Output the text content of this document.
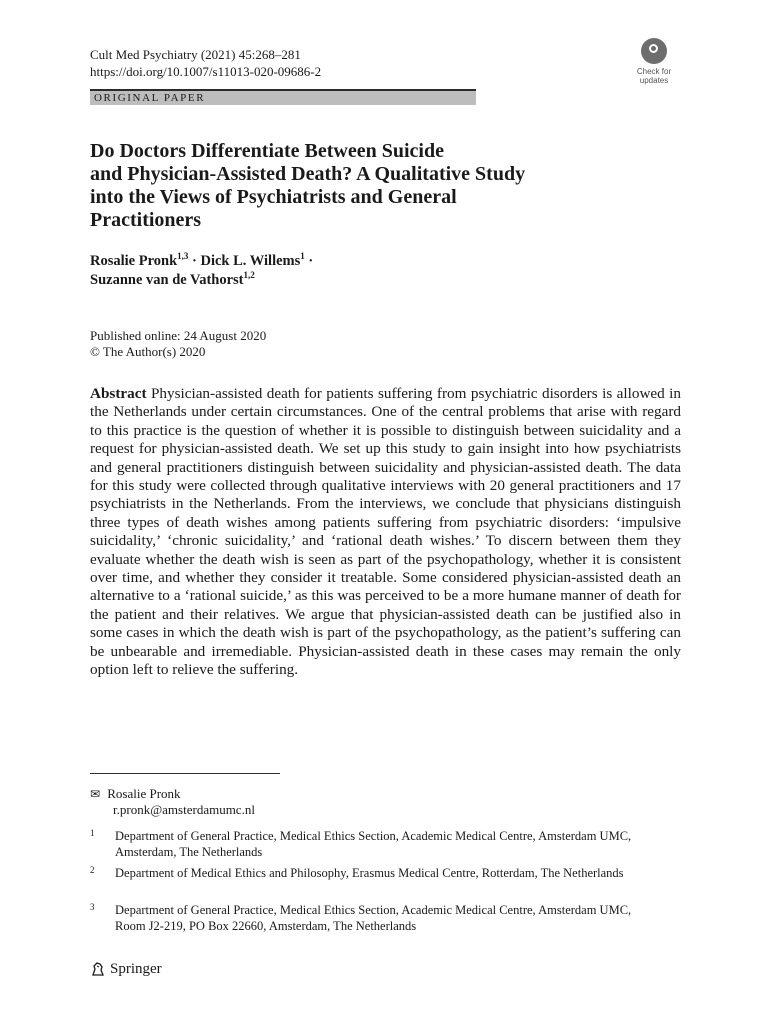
Cult Med Psychiatry (2021) 45:268–281
https://doi.org/10.1007/s11013-020-09686-2	Check for
updates
ORIGINAL PAPER
Do Doctors Differentiate Between Suicide
and Physician-Assisted Death? A Qualitative Study
into the Views of Psychiatrists and General
Practitioners
Rosalie Pronk$^{1,3}$ · Dick L. Willems$^1$ ·
Suzanne van de Vathorst$^{1,2}$
Published online: 24 August 2020
© The Author(s) 2020
Abstract Physician-assisted death for patients suffering from psychiatric disorders is allowed in the Netherlands under certain circumstances. One of the central problems that arise with regard to this practice is the question of whether it is possible to distinguish between suicidality and a request for physician-assisted death. We set up this study to gain insight into how psychiatrists and general practitioners distinguish between suicidality and physician-assisted death. The data for this study were collected through qualitative interviews with 20 general practitioners and 17 psychiatrists in the Netherlands. From the interviews, we conclude that physicians distinguish three types of death wishes among patients suffering from psychiatric disorders: ‘impulsive suicidality,’ ‘chronic suicidality,’ and ‘rational death wishes.’ To discern between them they evaluate whether the death wish is seen as part of the psychopathology, whether it is consistent over time, and whether they consider it treatable. Some considered physician-assisted death an alternative to a ‘rational suicide,’ as this was perceived to be a more humane manner of death for the patient and their relatives. We argue that physician-assisted death can be justified also in some cases in which the death wish is part of the psychopathology, as the patient’s suffering can be unbearable and irremediable. Physician-assisted death in these cases may remain the only option left to relieve the suffering.
✉ Rosalie Pronk
r.pronk@amsterdamumc.nl
1 Department of General Practice, Medical Ethics Section, Academic Medical Centre, Amsterdam UMC, Amsterdam, The Netherlands
2 Department of Medical Ethics and Philosophy, Erasmus Medical Centre, Rotterdam, The Netherlands
3 Department of General Practice, Medical Ethics Section, Academic Medical Centre, Amsterdam UMC, Room J2-219, PO Box 22660, Amsterdam, The Netherlands
Springer
